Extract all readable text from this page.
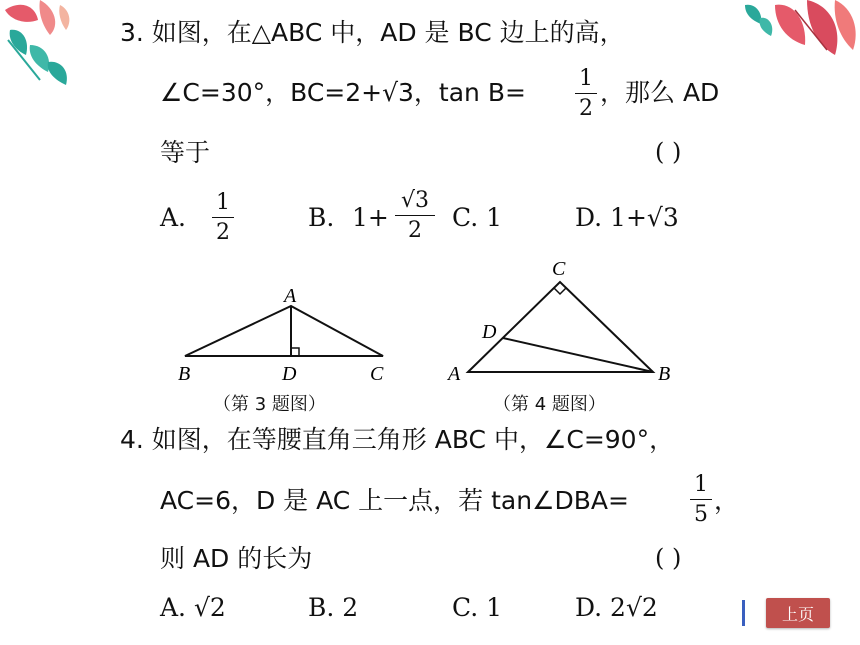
3. 如图，在△ABC 中，AD 是 BC 边上的高，
∠C=30°，BC=2+√3，tan B= 1
2
，那么 AD
等于	( )
A.
1
2
B. 1+
√3
2	C. 1	D. 1+√3
A
B	D	C
（第 3 题图）
C
D
A	B
（第 4 题图）
4. 如图，在等腰直角三角形 ABC 中，∠C=90°，
AC=6，D 是 AC 上一点，若 tan∠DBA=
1
5 ，
则 AD 的长为	( )
A. √2	B. 2	C. 1	D. 2√2	上页
